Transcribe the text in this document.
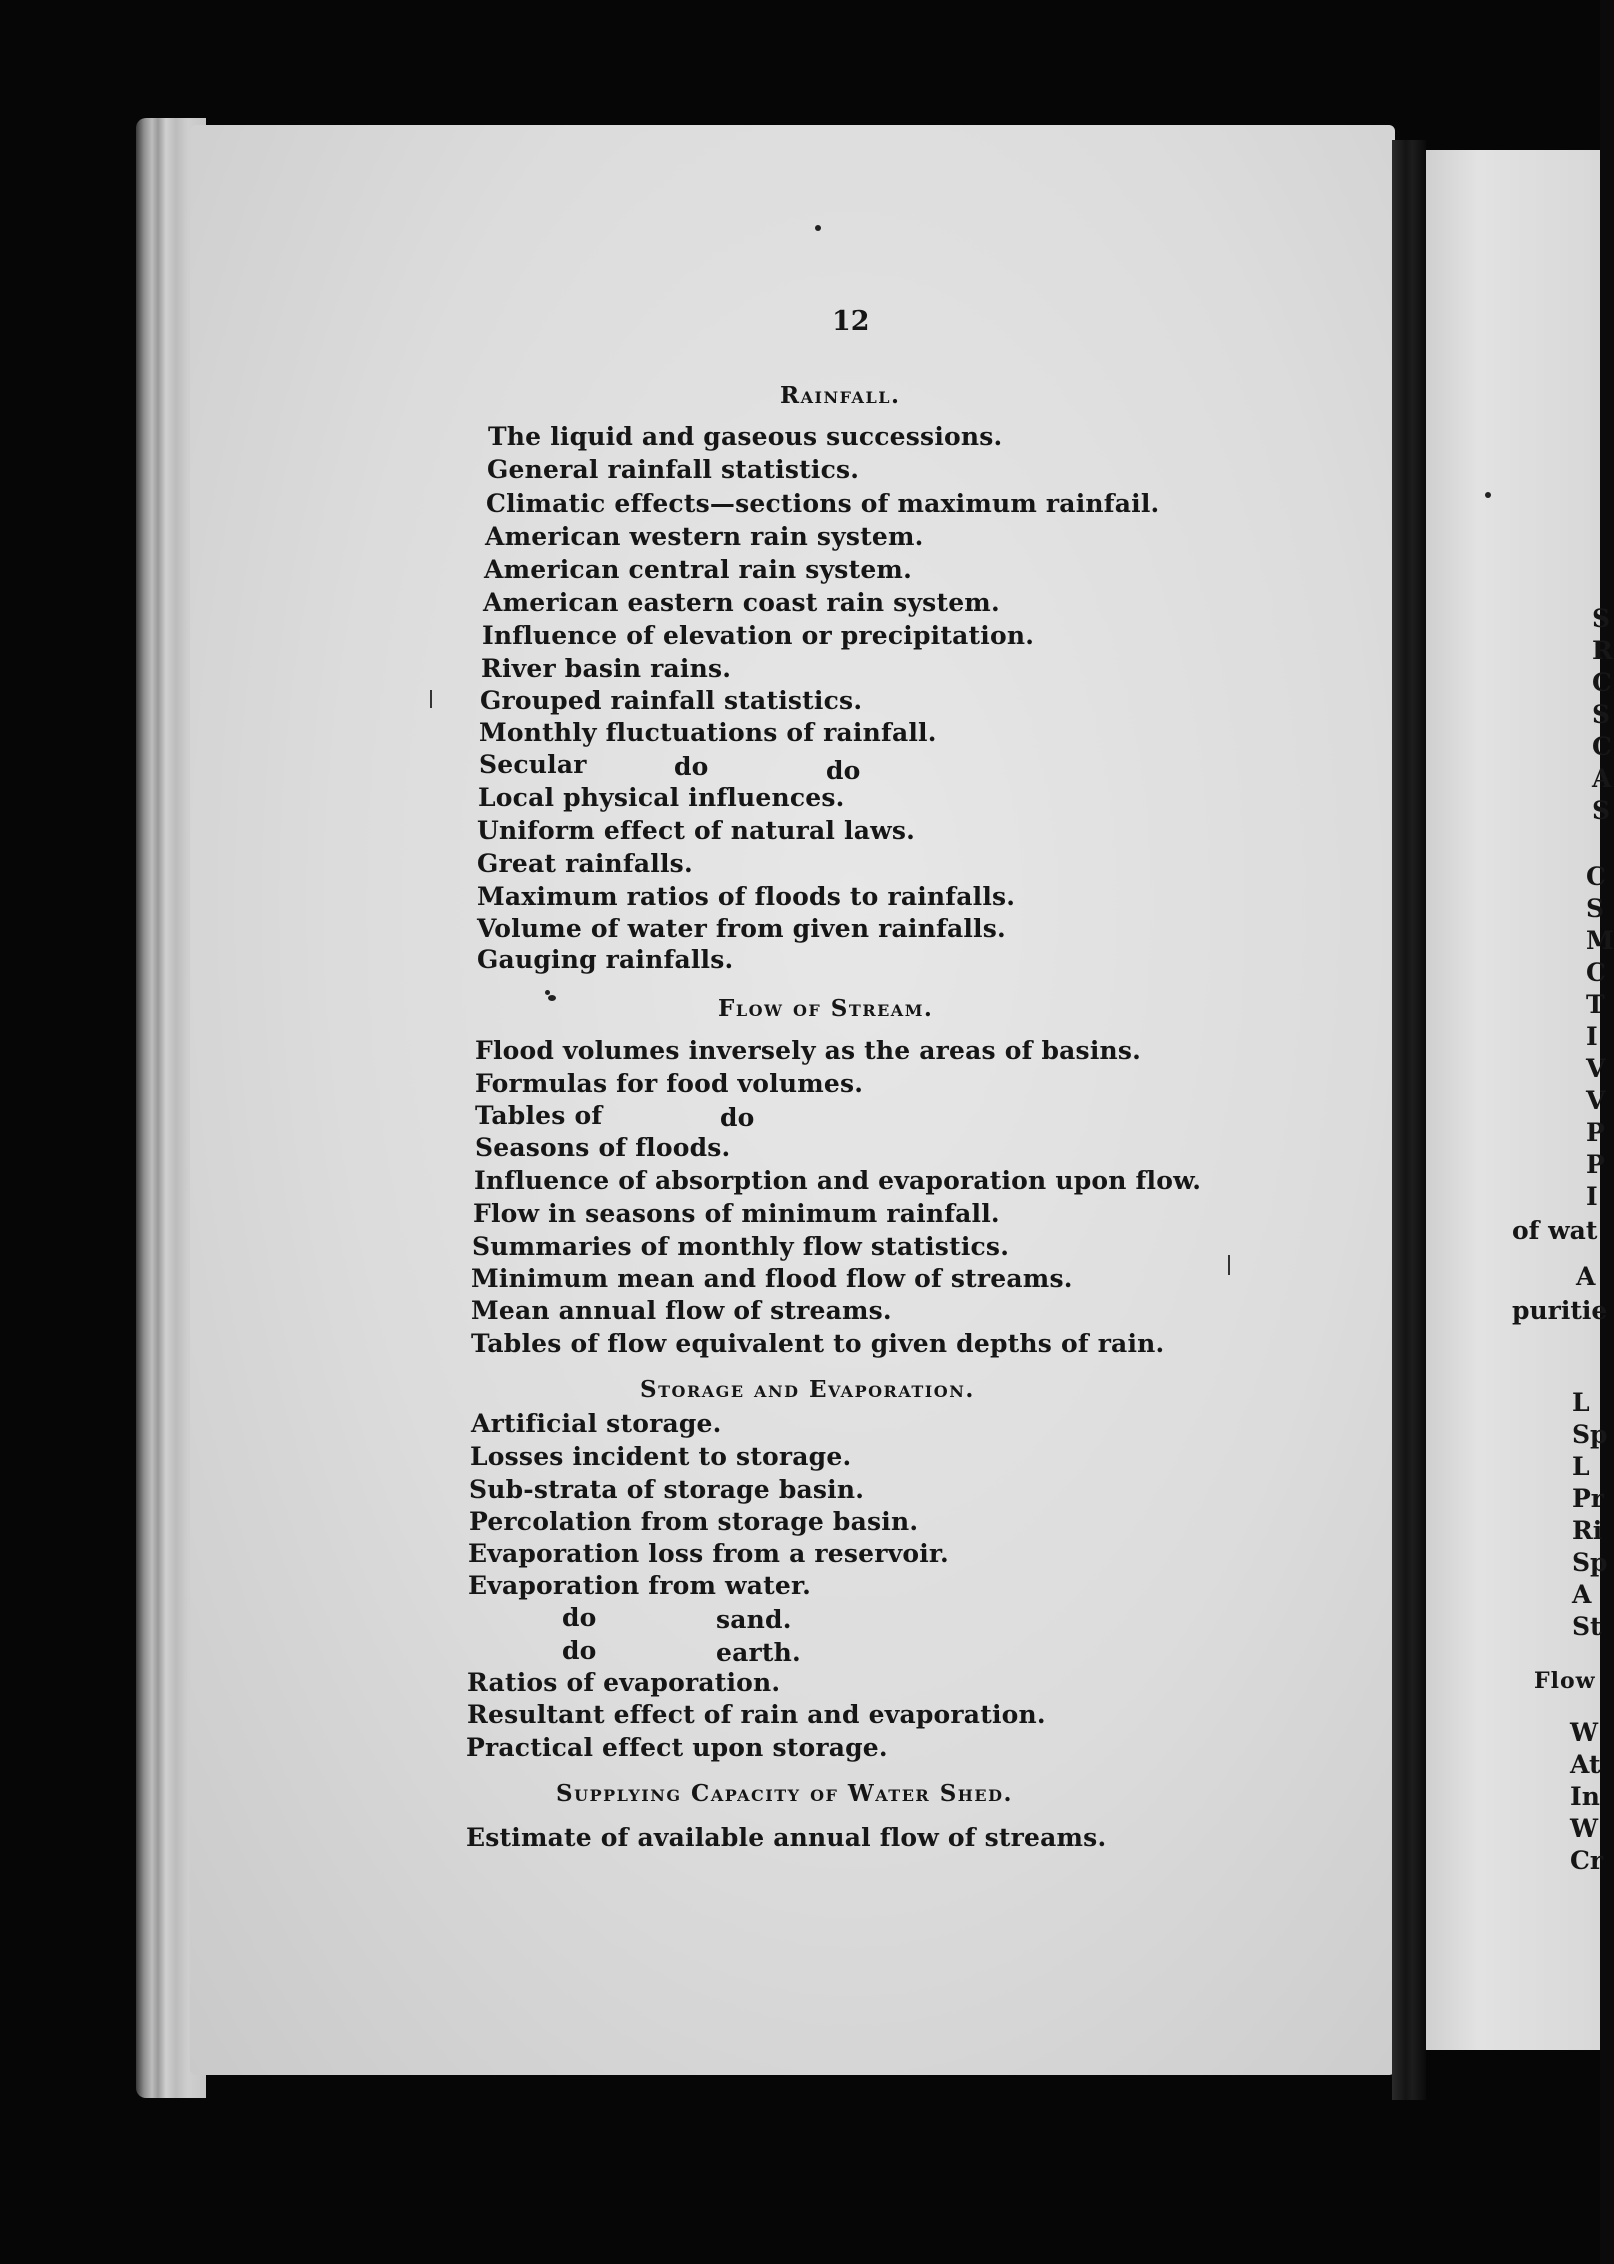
12
Rainfall.
The liquid and gaseous successions.
General rainfall statistics.
Climatic effects—sections of maximum rainfail.
American western rain system.
American central rain system.
American eastern coast rain system.
Influence of elevation or precipitation.
River basin rains.
Grouped rainfall statistics.
Monthly fluctuations of rainfall.
Secular	do	do
Local physical influences.
Uniform effect of natural laws.
Great rainfalls.
Maximum ratios of floods to rainfalls.
Volume of water from given rainfalls.
Gauging rainfalls.
Flow of Stream.
Flood volumes inversely as the areas of basins.
Formulas for food volumes.
Tables of	do
Seasons of floods.
Influence of absorption and evaporation upon flow.
Flow in seasons of minimum rainfall.
Summaries of monthly flow statistics.
Minimum mean and flood flow of streams.
Mean annual flow of streams.
Tables of flow equivalent to given depths of rain.
Storage and Evaporation.
Artificial storage.
Losses incident to storage.
Sub-strata of storage basin.
Percolation from storage basin.
Evaporation loss from a reservoir.
Evaporation from water.
do	sand.
do	earth.
Ratios of evaporation.
Resultant effect of rain and evaporation.
Practical effect upon storage.
Supplying Capacity of Water Shed.
Estimate of available annual flow of streams.
S
R
C
S
C
A
S
C
S
M
C
T
I
V
V
P
P
I
of wat
A
puritie
L
Sp
L
Pr
Ri
Sp
A
St
Flow
W
At
In
W
Cr
